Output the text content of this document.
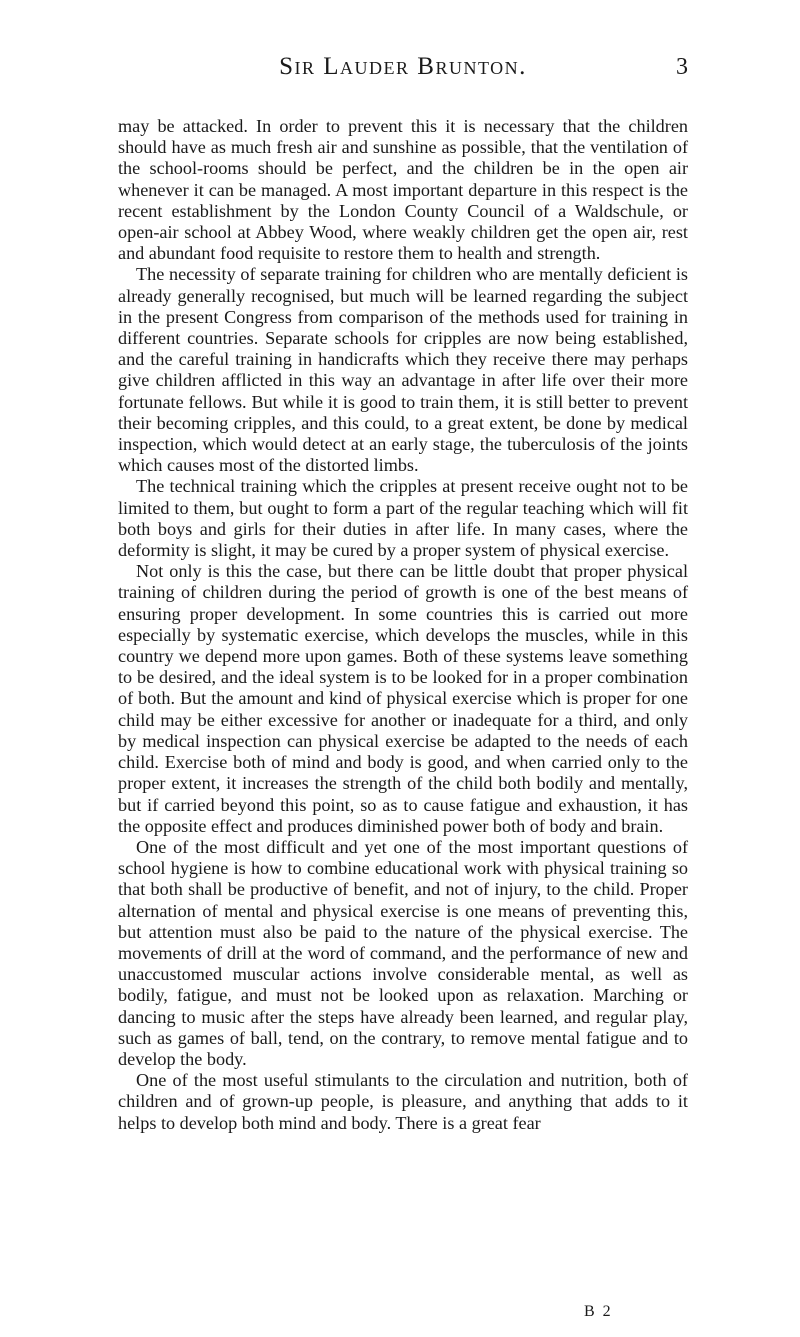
Sir Lauder Brunton.	3

may be attacked. In order to prevent this it is necessary that the children should have as much fresh air and sunshine as possible, that the ventilation of the school-rooms should be perfect, and the children be in the open air whenever it can be managed. A most important departure in this respect is the recent establishment by the London County Council of a Waldschule, or open-air school at Abbey Wood, where weakly children get the open air, rest and abundant food requisite to restore them to health and strength.

The necessity of separate training for children who are mentally deficient is already generally recognised, but much will be learned regarding the subject in the present Congress from comparison of the methods used for training in different countries. Separate schools for cripples are now being established, and the careful training in handicrafts which they receive there may perhaps give children afflicted in this way an advantage in after life over their more fortunate fellows. But while it is good to train them, it is still better to prevent their becoming cripples, and this could, to a great extent, be done by medical inspection, which would detect at an early stage, the tuberculosis of the joints which causes most of the distorted limbs.

The technical training which the cripples at present receive ought not to be limited to them, but ought to form a part of the regular teaching which will fit both boys and girls for their duties in after life. In many cases, where the deformity is slight, it may be cured by a proper system of physical exercise.

Not only is this the case, but there can be little doubt that proper physical training of children during the period of growth is one of the best means of ensuring proper development. In some countries this is carried out more especially by systematic exercise, which develops the muscles, while in this country we depend more upon games. Both of these systems leave something to be desired, and the ideal system is to be looked for in a proper combination of both. But the amount and kind of physical exercise which is proper for one child may be either excessive for another or inadequate for a third, and only by medical inspection can physical exercise be adapted to the needs of each child. Exercise both of mind and body is good, and when carried only to the proper extent, it increases the strength of the child both bodily and mentally, but if carried beyond this point, so as to cause fatigue and exhaustion, it has the opposite effect and produces diminished power both of body and brain.

One of the most difficult and yet one of the most important questions of school hygiene is how to combine educational work with physical training so that both shall be productive of benefit, and not of injury, to the child. Proper alternation of mental and physical exercise is one means of preventing this, but attention must also be paid to the nature of the physical exercise. The movements of drill at the word of command, and the performance of new and unaccustomed muscular actions involve considerable mental, as well as bodily, fatigue, and must not be looked upon as relaxation. Marching or dancing to music after the steps have already been learned, and regular play, such as games of ball, tend, on the contrary, to remove mental fatigue and to develop the body.

One of the most useful stimulants to the circulation and nutrition, both of children and of grown-up people, is pleasure, and anything that adds to it helps to develop both mind and body. There is a great fear

B 2
